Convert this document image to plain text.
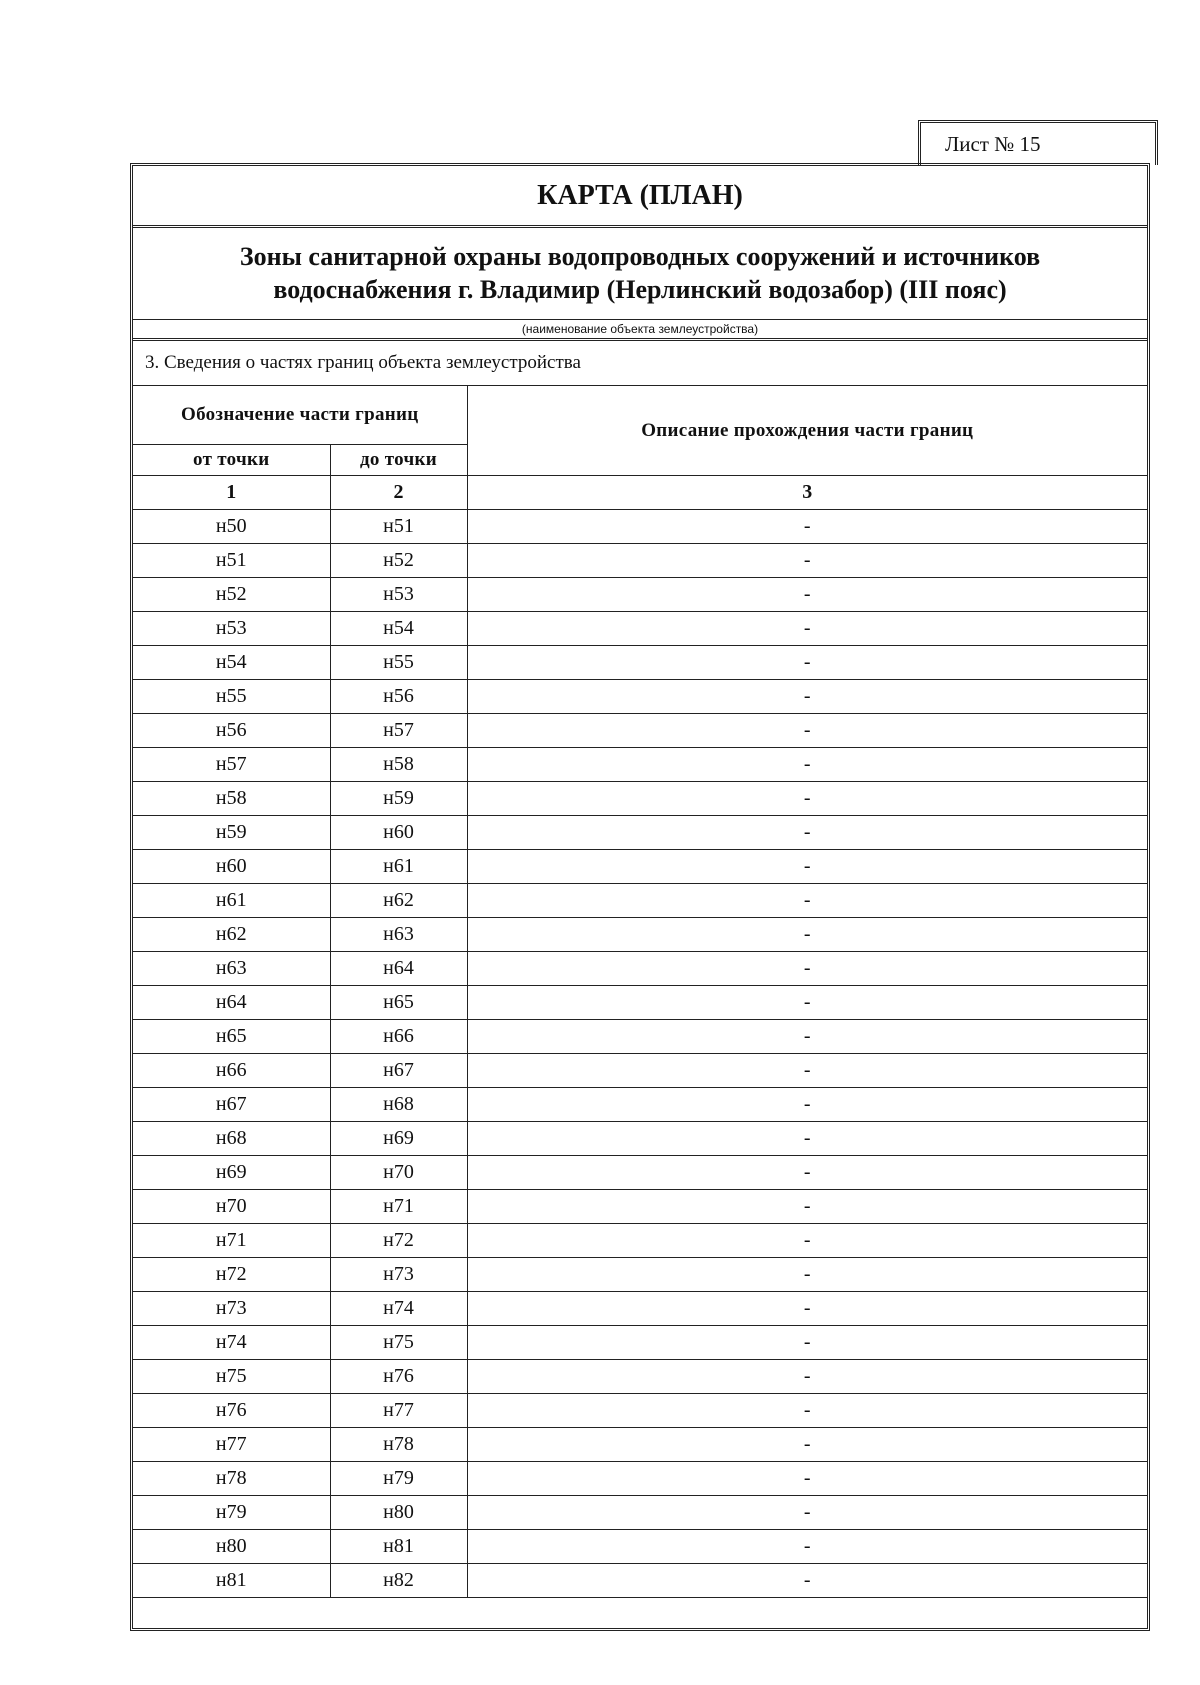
Лист № 15
КАРТА (ПЛАН)
Зоны санитарной охраны водопроводных сооружений и источников
водоснабжения г. Владимир (Нерлинский водозабор) (III пояс)
(наименование объекта землеустройства)
3. Сведения о частях границ объекта землеустройства
Обозначение части границ		Описание прохождения части границ
от точки	до точки	
1	2	3
н50	н51	-
н51	н52	-
н52	н53	-
н53	н54	-
н54	н55	-
н55	н56	-
н56	н57	-
н57	н58	-
н58	н59	-
н59	н60	-
н60	н61	-
н61	н62	-
н62	н63	-
н63	н64	-
н64	н65	-
н65	н66	-
н66	н67	-
н67	н68	-
н68	н69	-
н69	н70	-
н70	н71	-
н71	н72	-
н72	н73	-
н73	н74	-
н74	н75	-
н75	н76	-
н76	н77	-
н77	н78	-
н78	н79	-
н79	н80	-
н80	н81	-
н81	н82	-
